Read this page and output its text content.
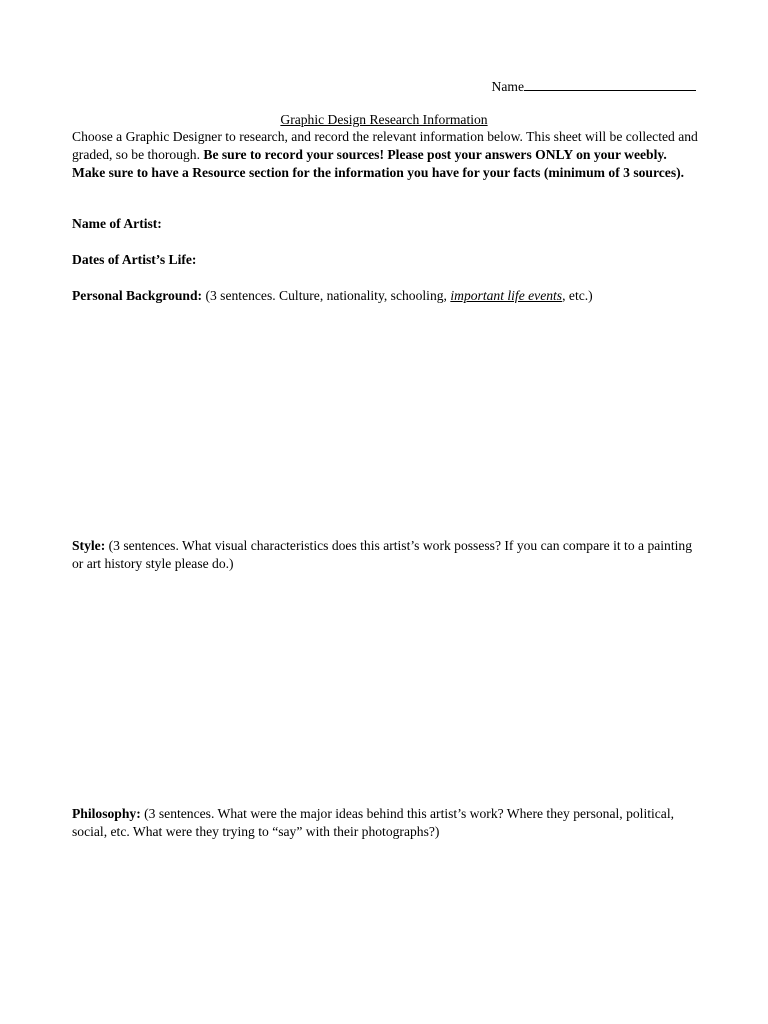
Name
Graphic Design Research Information
Choose a Graphic Designer to research, and record the relevant information below. This sheet will be collected and graded, so be thorough. Be sure to record your sources! Please post your answers ONLY on your weebly. Make sure to have a Resource section for the information you have for your facts (minimum of 3 sources).
Name of Artist:
Dates of Artist’s Life:
Personal Background: (3 sentences. Culture, nationality, schooling, important life events, etc.)
Style: (3 sentences. What visual characteristics does this artist’s work possess? If you can compare it to a painting or art history style please do.)
Philosophy: (3 sentences. What were the major ideas behind this artist’s work? Where they personal, political, social, etc. What were they trying to “say” with their photographs?)
